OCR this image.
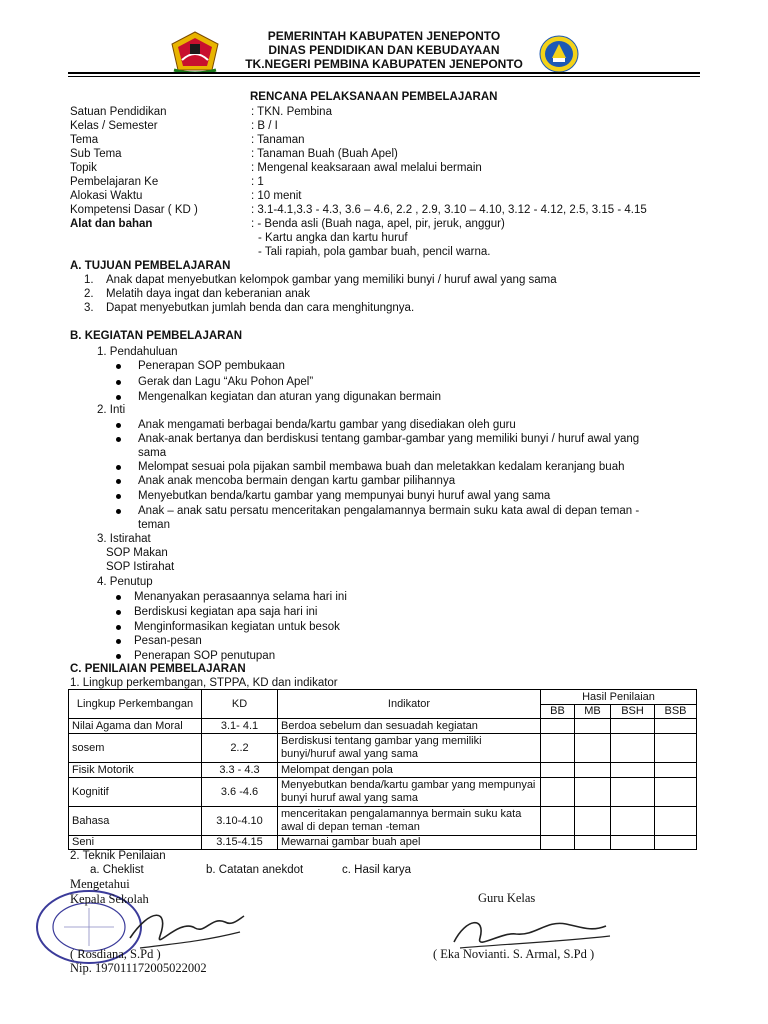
PEMERINTAH KABUPATEN JENEPONTO
DINAS PENDIDIKAN DAN KEBUDAYAAN
TK.NEGERI PEMBINA KABUPATEN JENEPONTO
RENCANA PELAKSANAAN PEMBELAJARAN
Satuan Pendidikan	: TKN. Pembina
Kelas / Semester	: B / I
Tema	: Tanaman
Sub Tema	: Tanaman Buah (Buah Apel)
Topik	: Mengenal keaksaraan awal melalui bermain
Pembelajaran Ke	: 1
Alokasi Waktu	: 10 menit
Kompetensi Dasar ( KD )	: 3.1-4.1,3.3 - 4.3, 3.6 – 4.6, 2.2 , 2.9, 3.10 – 4.10, 3.12 - 4.12, 2.5, 3.15 - 4.15
Alat dan bahan	: - Benda asli (Buah naga, apel, pir, jeruk, anggur)
- Kartu angka dan kartu huruf
- Tali rapiah, pola gambar buah, pencil warna.
A. TUJUAN PEMBELAJARAN
1. Anak dapat menyebutkan kelompok gambar yang memiliki bunyi / huruf awal yang sama
2. Melatih daya ingat dan keberanian anak
3. Dapat menyebutkan jumlah benda dan cara menghitungnya.
B. KEGIATAN PEMBELAJARAN
1. Pendahuluan
Penerapan SOP pembukaan
Gerak dan Lagu “Aku Pohon Apel”
Mengenalkan kegiatan dan aturan yang digunakan bermain
2. Inti
Anak mengamati berbagai benda/kartu gambar yang disediakan oleh guru
Anak-anak bertanya dan berdiskusi tentang gambar-gambar yang memiliki bunyi / huruf awal yang
sama
Melompat sesuai pola pijakan sambil membawa buah dan meletakkan kedalam keranjang buah
Anak anak mencoba bermain dengan kartu gambar pilihannya
Menyebutkan benda/kartu gambar yang mempunyai bunyi huruf awal yang sama
Anak – anak satu persatu menceritakan pengalamannya bermain suku kata awal di depan teman -
teman
3. Istirahat
SOP Makan
SOP Istirahat
4. Penutup
Menanyakan perasaannya selama hari ini
Berdiskusi kegiatan apa saja hari ini
Menginformasikan kegiatan untuk besok
Pesan-pesan
Penerapan SOP penutupan
C. PENILAIAN PEMBELAJARAN
1. Lingkup perkembangan, STPPA, KD dan indikator
Lingkup Perkembangan	KD	Indikator	Hasil Penilaian			
			BB	MB	BSH	BSB
Nilai Agama dan Moral	3.1- 4.1	Berdoa sebelum dan sesuadah kegiatan				
sosem	2..2	Berdiskusi tentang gambar yang memiliki bunyi/huruf awal yang sama				
Fisik Motorik	3.3 - 4.3	Melompat dengan pola				
Kognitif	3.6 -4.6	Menyebutkan benda/kartu gambar yang mempunyai bunyi huruf awal yang sama				
Bahasa	3.10-4.10	menceritakan pengalamannya bermain suku kata awal di depan teman -teman				
Seni	3.15-4.15	Mewarnai gambar buah apel				
2. Teknik Penilaian
a. Cheklist	b. Catatan anekdot	c. Hasil karya
Mengetahui
Kepala Sekolah
( Rosdiana, S.Pd )
Nip. 197011172005022002
Guru Kelas
( Eka Novianti. S. Armal, S.Pd )
